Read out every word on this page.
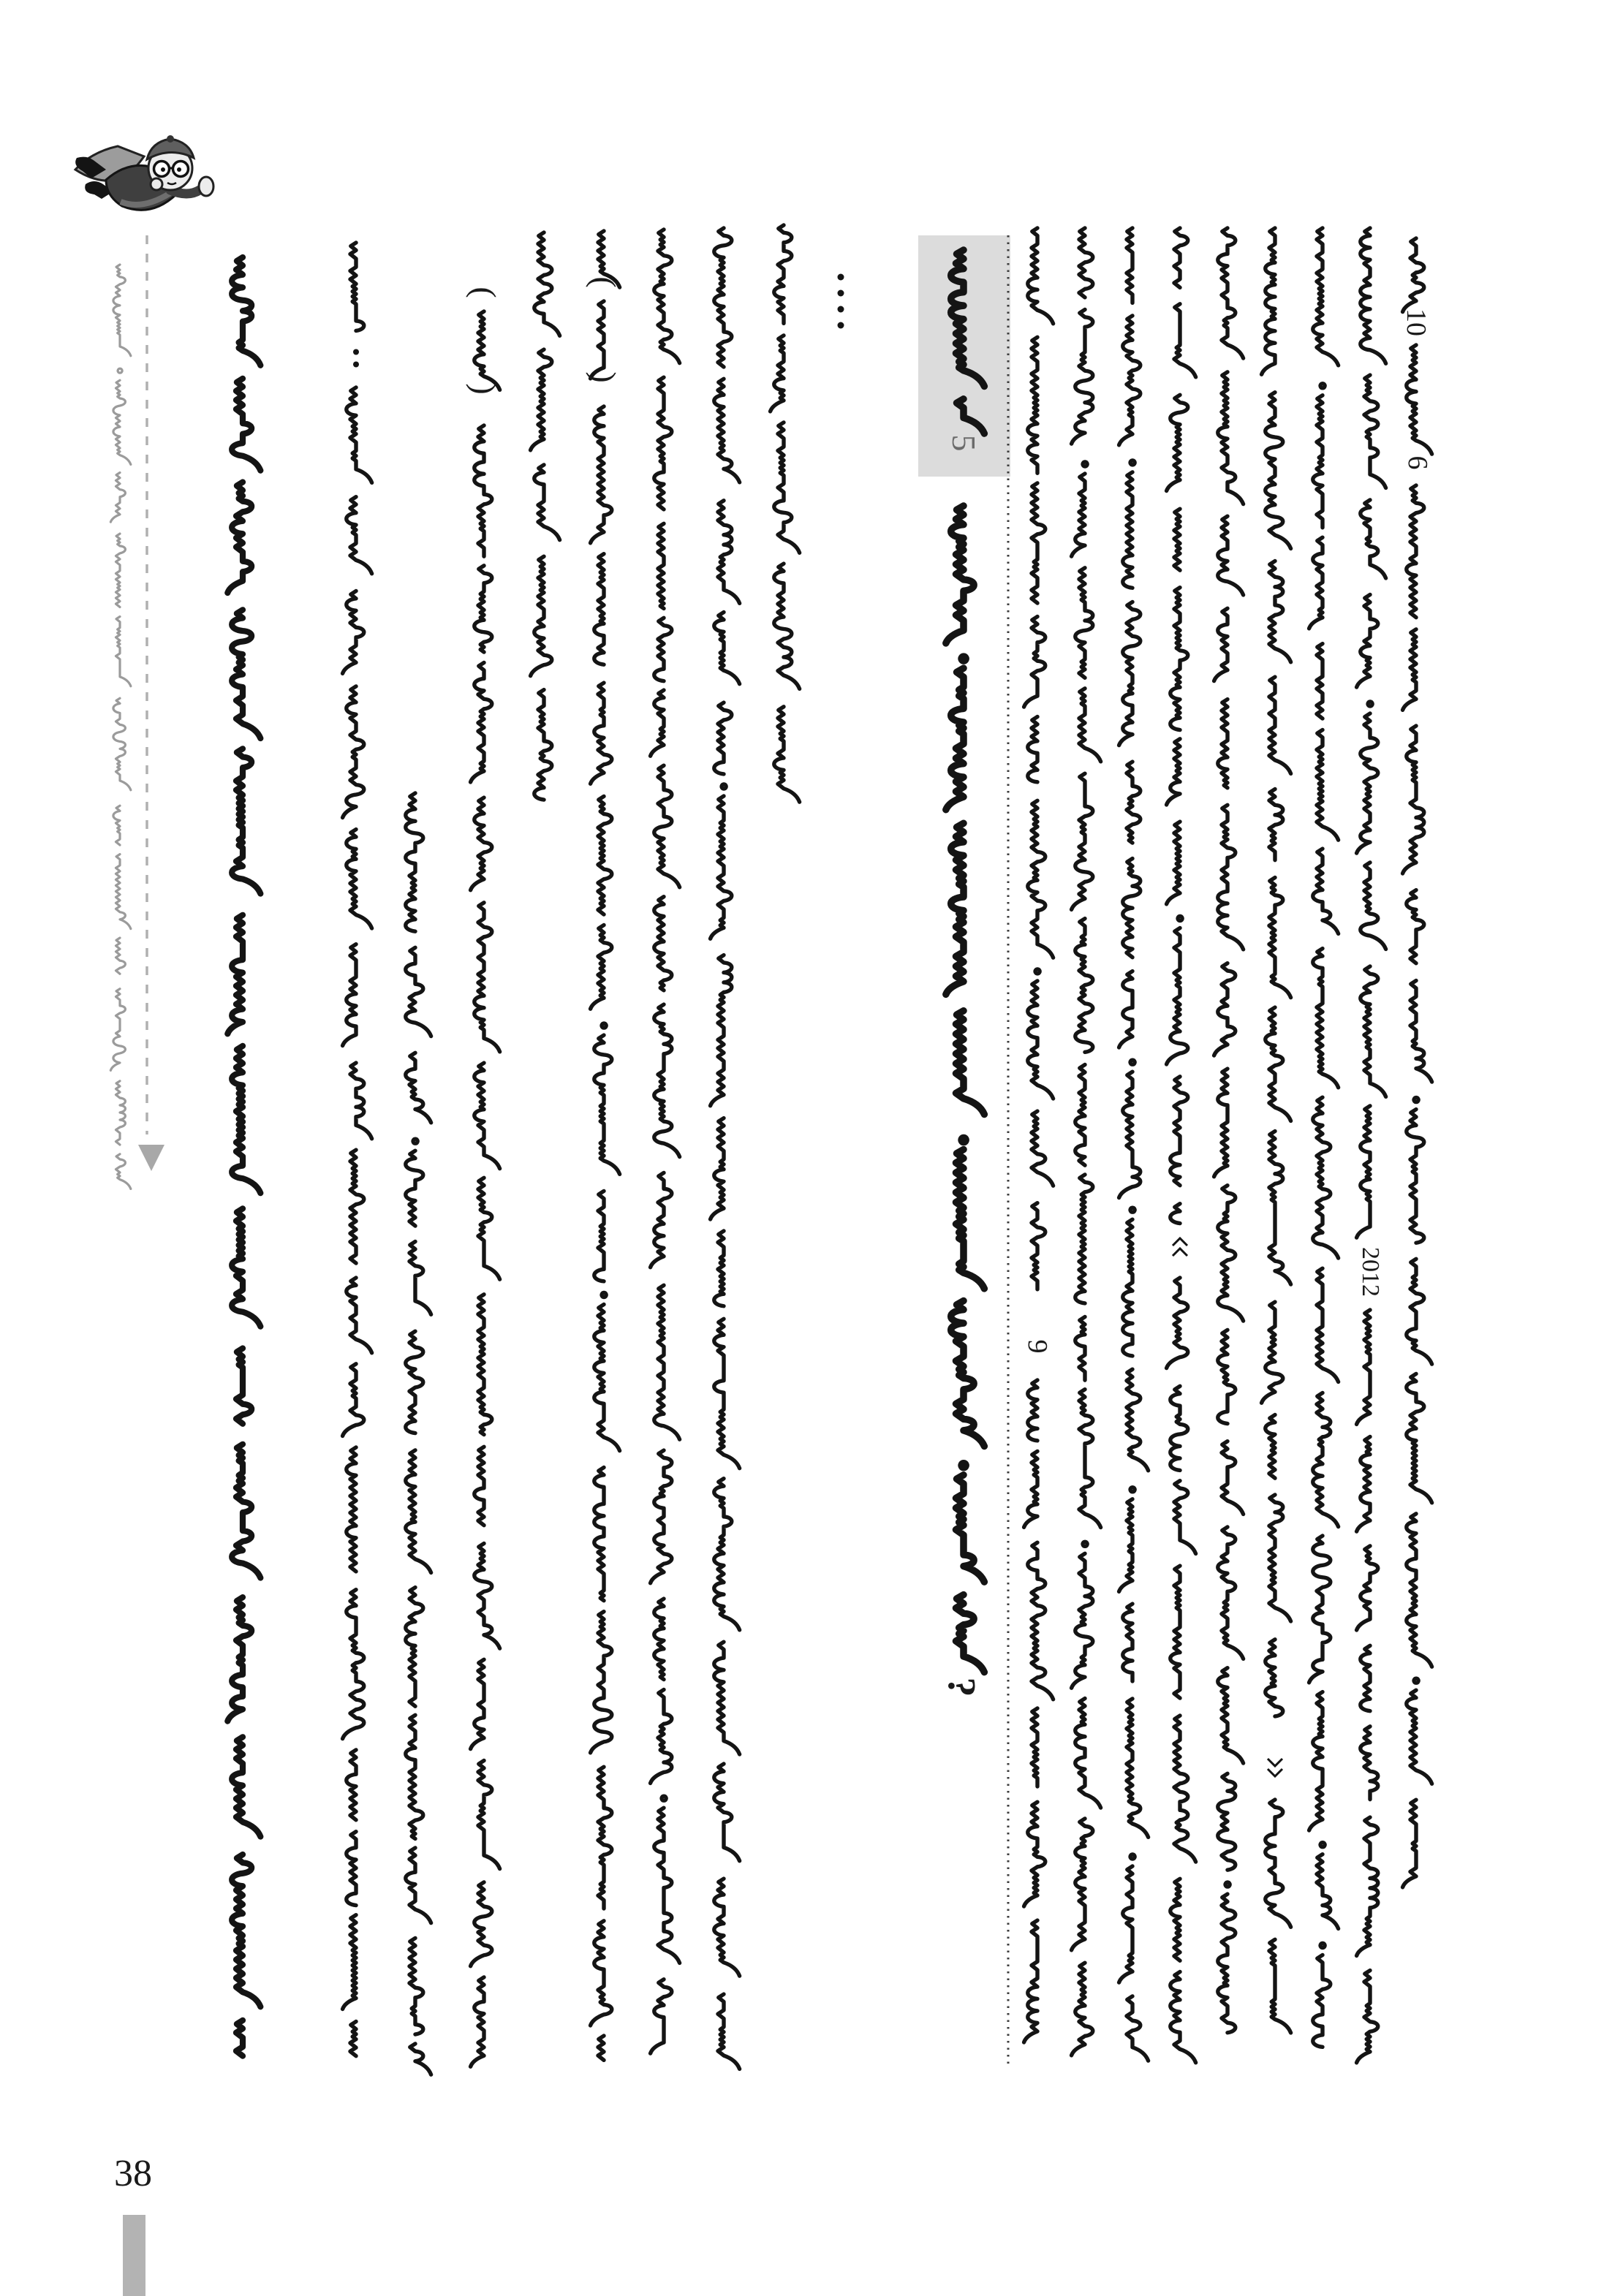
10
6
2012
9
5
?
(
)
(
)
38
